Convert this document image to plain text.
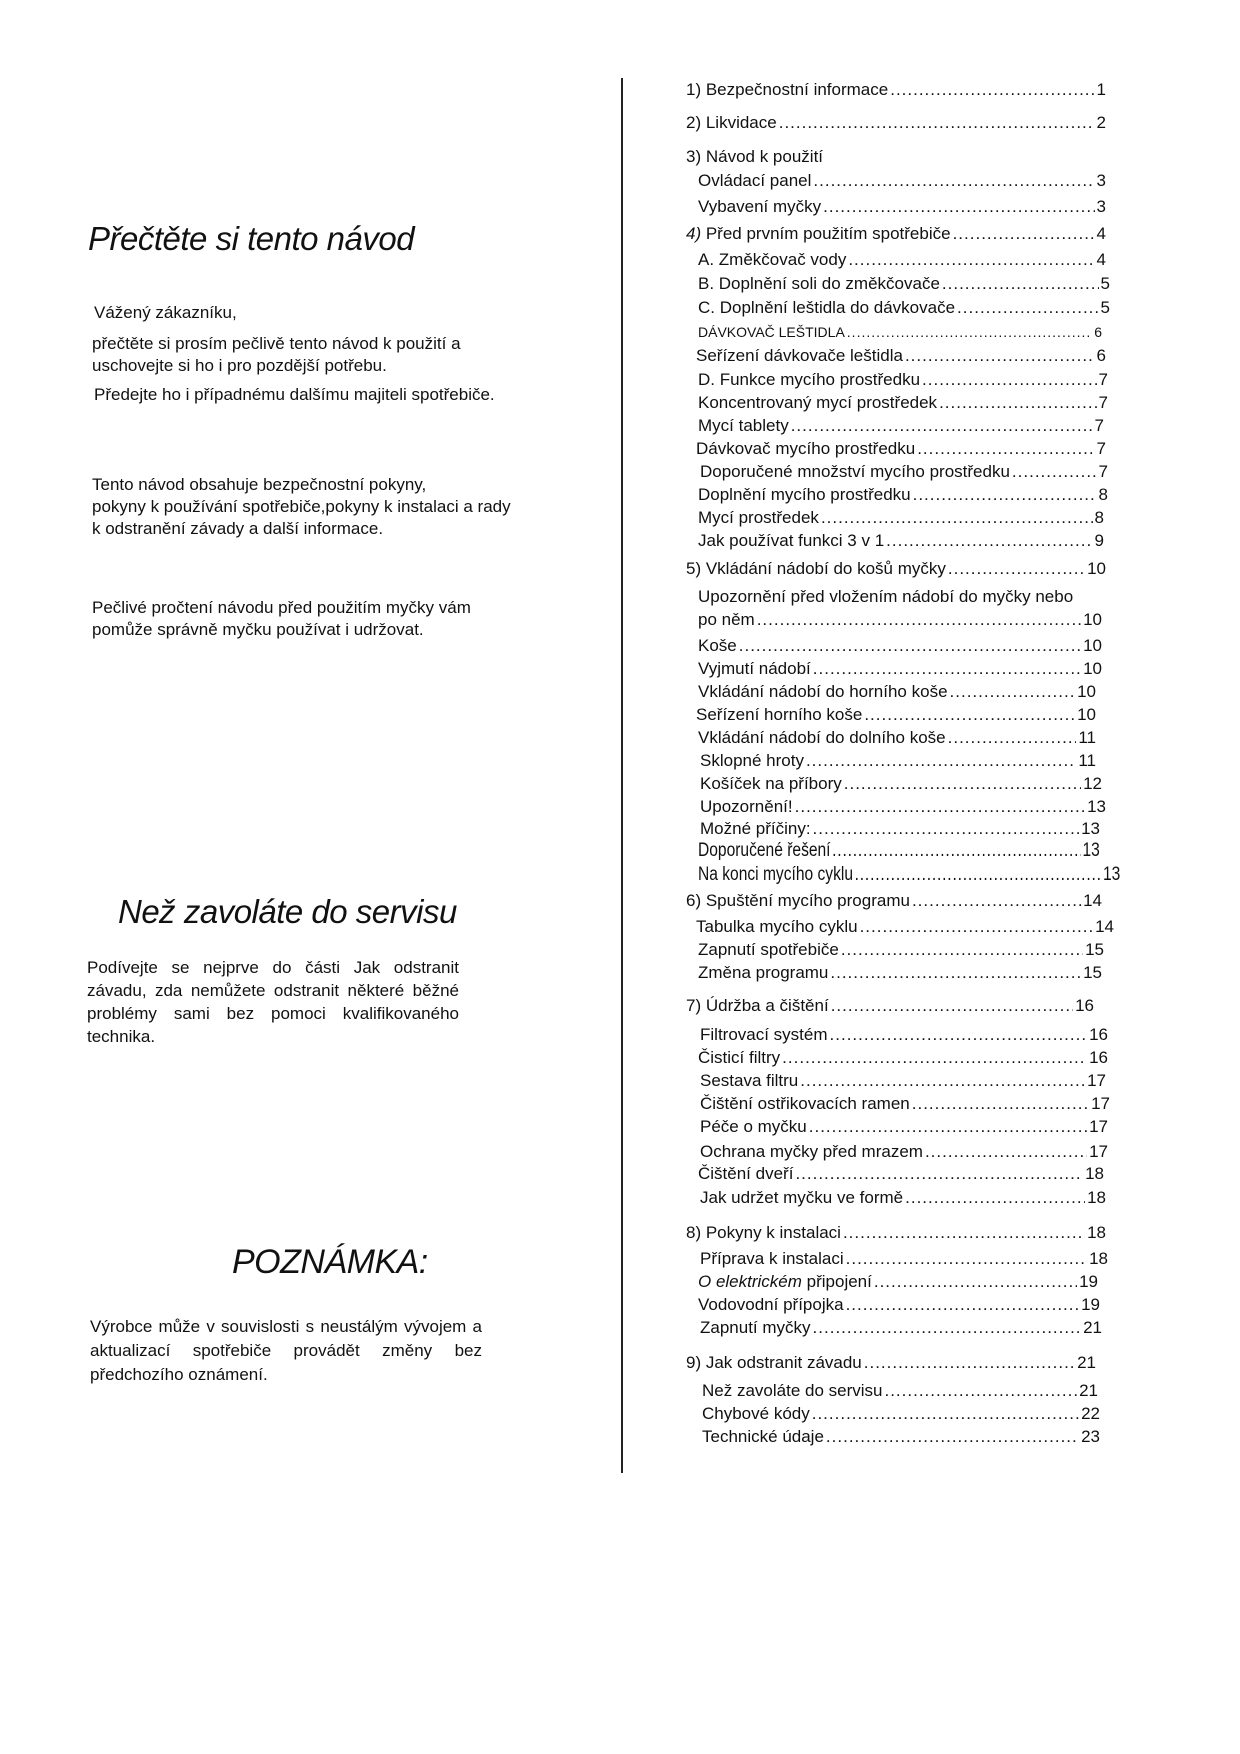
Přečtěte si tento návod
Vážený zákazníku,

přečtěte si prosím pečlivě tento návod k použití a

uschovejte si ho i pro pozdější potřebu.

Předejte ho i případnému dalšímu majiteli spotřebiče.

Tento návod obsahuje bezpečnostní pokyny,

pokyny k používání spotřebiče,pokyny k instalaci a rady

k odstranění závady a další informace.

Pečlivé pročtení návodu před použitím myčky vám

pomůže správně myčku používat i udržovat.

Než zavoláte do servisu
Podívejte se nejprve do části Jak odstranit závadu, zda nemůžete odstranit některé běžné problémy sami bez pomoci kvalifikovaného technika.
POZNÁMKA:
Výrobce může v souvislosti s neustálým vývojem a aktualizací spotřebiče provádět změny bez předchozího oznámení.
1) Bezpečnostní informace .....	1
2) Likvidace .....	2
3) Návod k použití
Ovládací panel .....	3
Vybavení myčky .....	3
4) Před prvním použitím spotřebiče .....	4
A. Změkčovač vody .....	4
B. Doplnění soli do změkčovače .....	5
C. Doplnění leštidla do dávkovače .....	5
DÁVKOVAČ LEŠTIDLA .....	6
Seřízení dávkovače leštidla .....	6
D. Funkce mycího prostředku .....	7
Koncentrovaný mycí prostředek .....	7
Mycí tablety .....	7
Dávkovač mycího prostředku .....	7
Doporučené množství mycího prostředku .....	7
Doplnění mycího prostředku .....	8
Mycí prostředek .....	8
Jak používat funkci 3 v 1 .....	9
5) Vkládání nádobí do košů myčky .....	10
Upozornění před vložením nádobí do myčky nebo
po něm .....	10
Koše .....	10
Vyjmutí nádobí .....	10
Vkládání nádobí do horního koše .....	10
Seřízení horního koše .....	10
Vkládání nádobí do dolního koše .....	11
Sklopné hroty .....	11
Košíček na příbory .....	12
Upozornění! .....	13
Možné příčiny: .....	13
Doporučené řešení .....	13
Na konci mycího cyklu .....	13
6) Spuštění mycího programu .....	14
Tabulka mycího cyklu .....	14
Zapnutí spotřebiče .....	15
Změna programu .....	15
7) Údržba a čištění .....	16
Filtrovací systém .....	16
Čisticí filtry .....	16
Sestava filtru .....	17
Čištění ostřikovacích ramen .....	17
Péče o myčku .....	17
Ochrana myčky před mrazem .....	17
Čištění dveří .....	18
Jak udržet myčku ve formě .....	18
8) Pokyny k instalaci .....	18
Příprava k instalaci .....	18
O elektrickém připojení .....	19
Vodovodní přípojka .....	19
Zapnutí myčky .....	21
9) Jak odstranit závadu .....	21
Než zavoláte do servisu .....	21
Chybové kódy .....	22
Technické údaje .....	23
